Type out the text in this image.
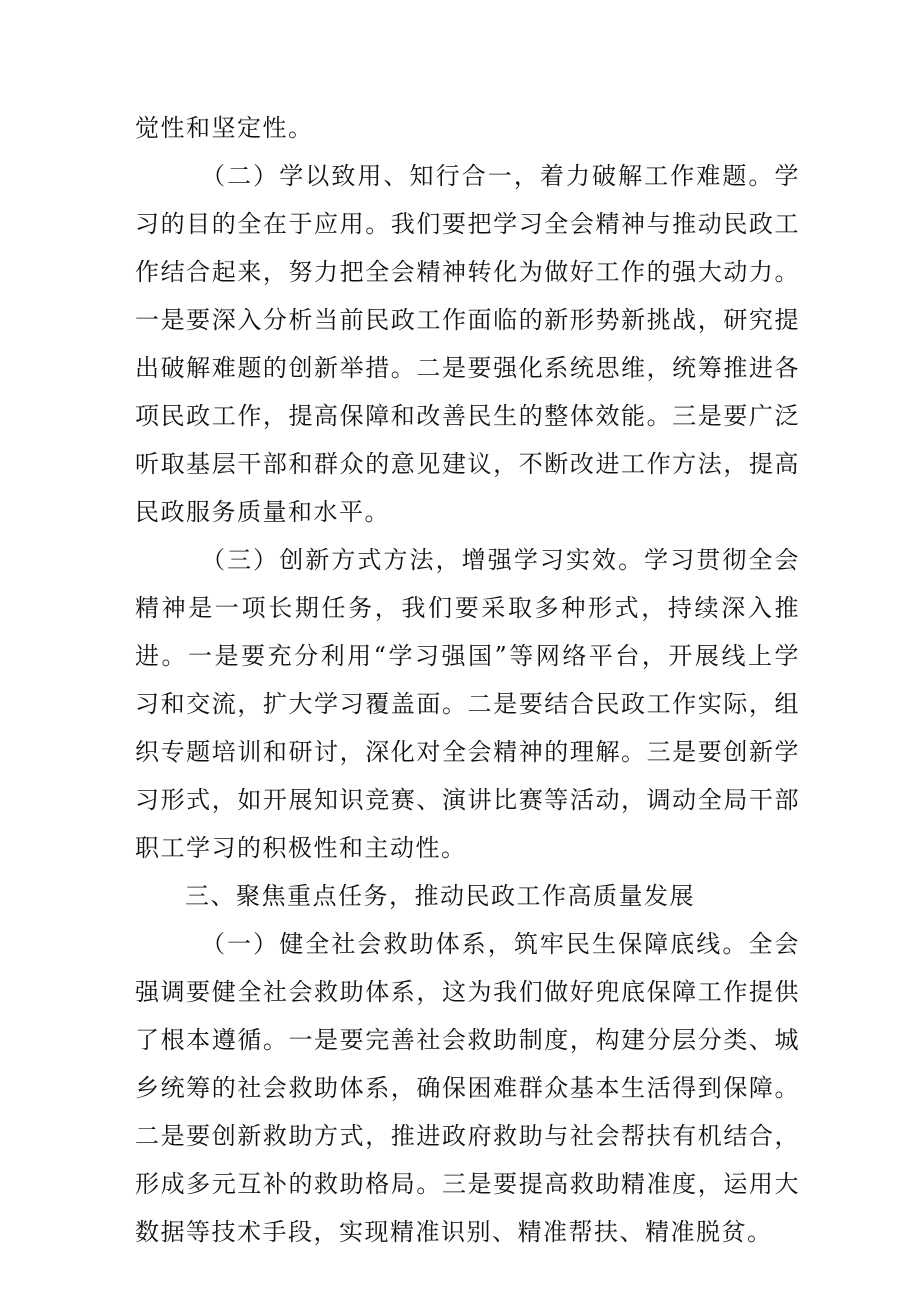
觉性和坚定性。

（二）学以致用、知行合一，着力破解工作难题。学习的目的全在于应用。我们要把学习全会精神与推动民政工作结合起来，努力把全会精神转化为做好工作的强大动力。一是要深入分析当前民政工作面临的新形势新挑战，研究提出破解难题的创新举措。二是要强化系统思维，统筹推进各项民政工作，提高保障和改善民生的整体效能。三是要广泛听取基层干部和群众的意见建议，不断改进工作方法，提高民政服务质量和水平。

（三）创新方式方法，增强学习实效。学习贯彻全会精神是一项长期任务，我们要采取多种形式，持续深入推进。一是要充分利用“学习强国”等网络平台，开展线上学习和交流，扩大学习覆盖面。二是要结合民政工作实际，组织专题培训和研讨，深化对全会精神的理解。三是要创新学习形式，如开展知识竞赛、演讲比赛等活动，调动全局干部职工学习的积极性和主动性。

三、聚焦重点任务，推动民政工作高质量发展

（一）健全社会救助体系，筑牢民生保障底线。全会强调要健全社会救助体系，这为我们做好兜底保障工作提供了根本遵循。一是要完善社会救助制度，构建分层分类、城乡统筹的社会救助体系，确保困难群众基本生活得到保障。二是要创新救助方式，推进政府救助与社会帮扶有机结合，形成多元互补的救助格局。三是要提高救助精准度，运用大数据等技术手段，实现精准识别、精准帮扶、精准脱贫。
